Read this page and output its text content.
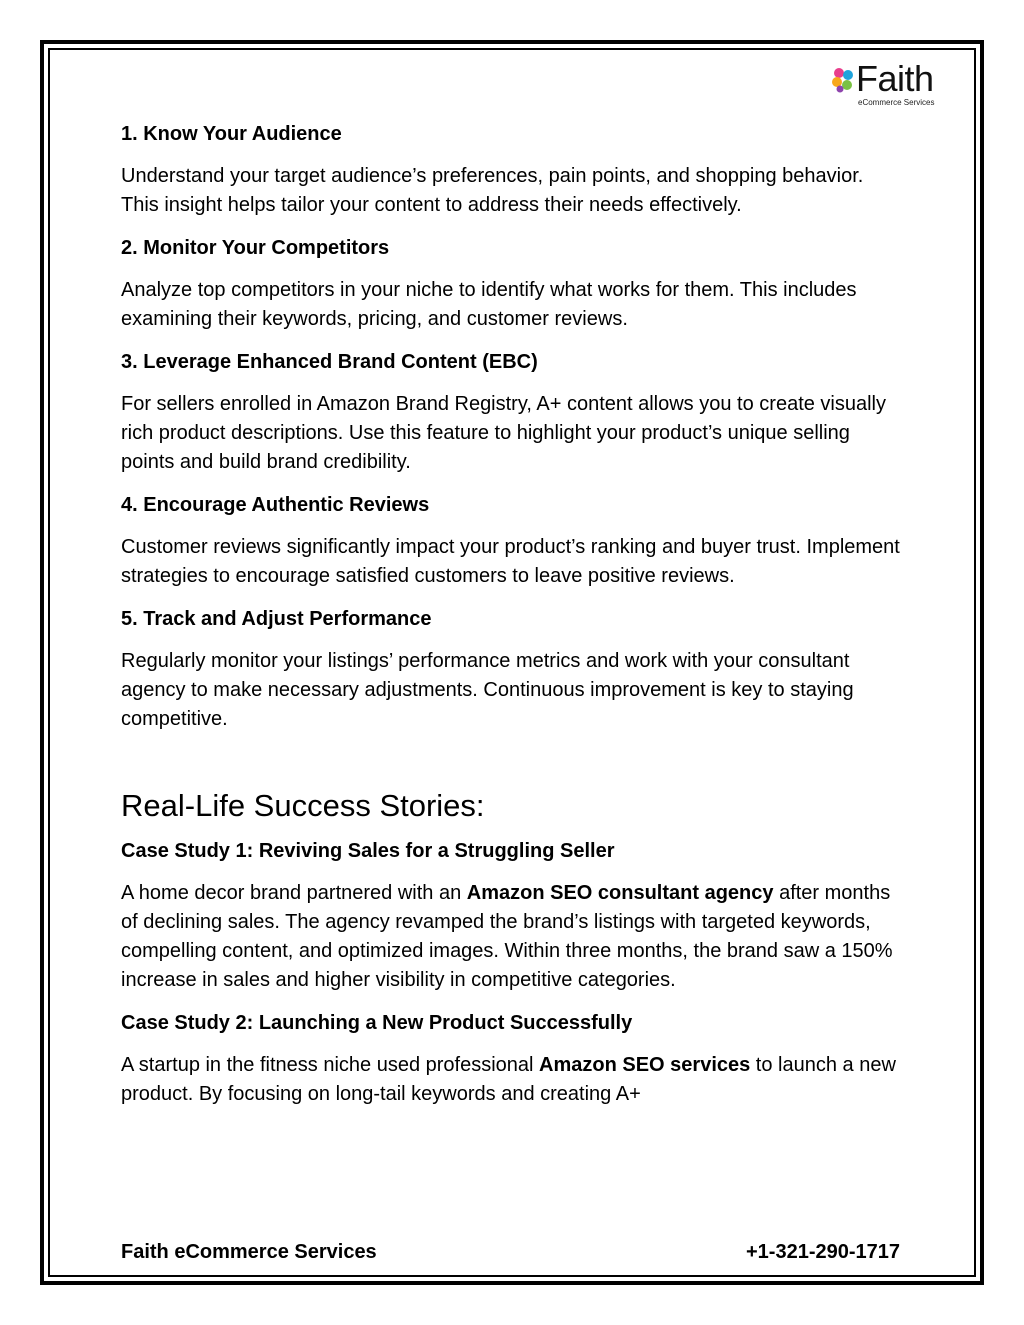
Faith
eCommerce Services
1. Know Your Audience
Understand your target audience’s preferences, pain points, and shopping behavior. This insight helps tailor your content to address their needs effectively.
2. Monitor Your Competitors
Analyze top competitors in your niche to identify what works for them. This includes examining their keywords, pricing, and customer reviews.
3. Leverage Enhanced Brand Content (EBC)
For sellers enrolled in Amazon Brand Registry, A+ content allows you to create visually rich product descriptions. Use this feature to highlight your product’s unique selling points and build brand credibility.
4. Encourage Authentic Reviews
Customer reviews significantly impact your product’s ranking and buyer trust. Implement strategies to encourage satisfied customers to leave positive reviews.
5. Track and Adjust Performance
Regularly monitor your listings’ performance metrics and work with your consultant agency to make necessary adjustments. Continuous improvement is key to staying competitive.
Real-Life Success Stories:
Case Study 1: Reviving Sales for a Struggling Seller
A home decor brand partnered with an Amazon SEO consultant agency after months of declining sales. The agency revamped the brand’s listings with targeted keywords, compelling content, and optimized images. Within three months, the brand saw a 150% increase in sales and higher visibility in competitive categories.
Case Study 2: Launching a New Product Successfully
A startup in the fitness niche used professional Amazon SEO services to launch a new product. By focusing on long-tail keywords and creating A+
Faith eCommerce Services	+1-321-290-1717
